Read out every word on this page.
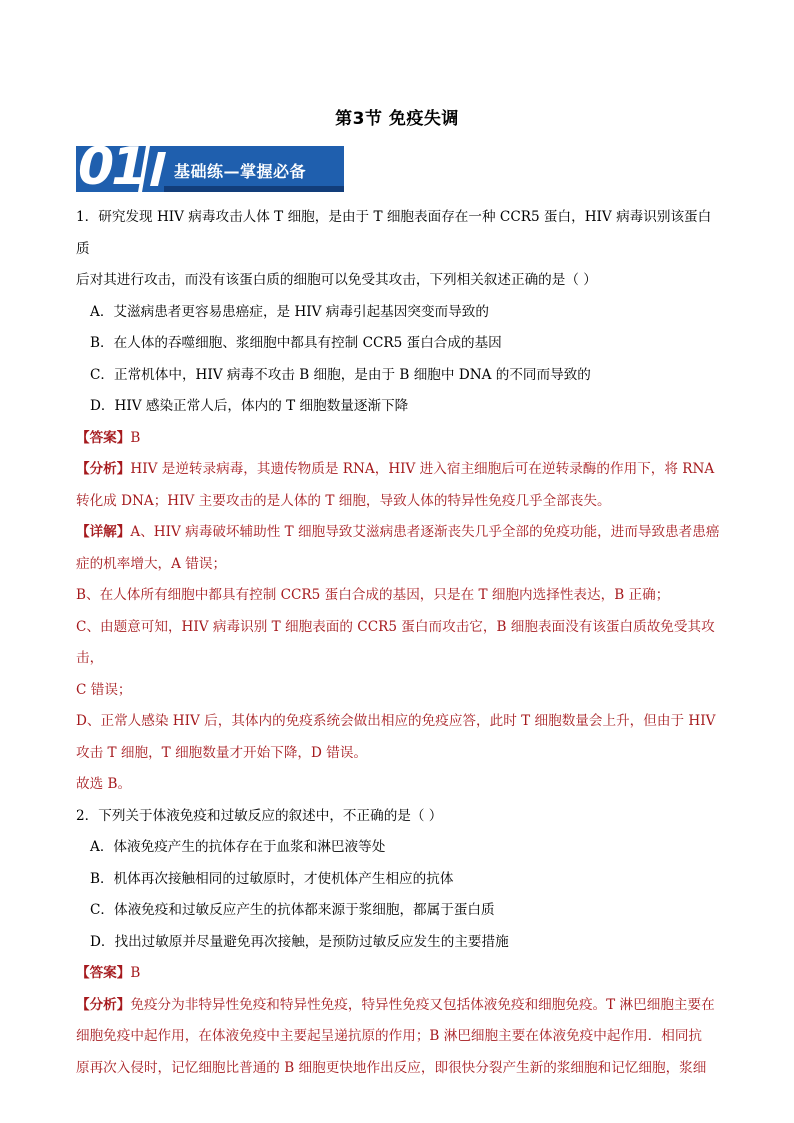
第3节 免疫失调
01	基础练—掌握必备

1．研究发现 HIV 病毒攻击人体 T 细胞，是由于 T 细胞表面存在一种 CCR5 蛋白，HIV 病毒识别该蛋白质

后对其进行攻击，而没有该蛋白质的细胞可以免受其攻击，下列相关叙述正确的是（ ）

A．艾滋病患者更容易患癌症，是 HIV 病毒引起基因突变而导致的

B．在人体的吞噬细胞、浆细胞中都具有控制 CCR5 蛋白合成的基因

C．正常机体中，HIV 病毒不攻击 B 细胞，是由于 B 细胞中 DNA 的不同而导致的

D．HIV 感染正常人后，体内的 T 细胞数量逐渐下降

【答案】B

【分析】HIV 是逆转录病毒，其遗传物质是 RNA，HIV 进入宿主细胞后可在逆转录酶的作用下，将 RNA

转化成 DNA；HIV 主要攻击的是人体的 T 细胞，导致人体的特异性免疫几乎全部丧失。

【详解】A、HIV 病毒破坏辅助性 T 细胞导致艾滋病患者逐渐丧失几乎全部的免疫功能，进而导致患者患癌

症的机率增大，A 错误；

B、在人体所有细胞中都具有控制 CCR5 蛋白合成的基因，只是在 T 细胞内选择性表达，B 正确；

C、由题意可知，HIV 病毒识别 T 细胞表面的 CCR5 蛋白而攻击它，B 细胞表面没有该蛋白质故免受其攻击，

C 错误；

D、正常人感染 HIV 后，其体内的免疫系统会做出相应的免疫应答，此时 T 细胞数量会上升，但由于 HIV

攻击 T 细胞，T 细胞数量才开始下降，D 错误。

故选 B。

2．下列关于体液免疫和过敏反应的叙述中，不正确的是（ ）

A．体液免疫产生的抗体存在于血浆和淋巴液等处

B．机体再次接触相同的过敏原时，才使机体产生相应的抗体

C．体液免疫和过敏反应产生的抗体都来源于浆细胞，都属于蛋白质

D．找出过敏原并尽量避免再次接触，是预防过敏反应发生的主要措施

【答案】B

【分析】免疫分为非特异性免疫和特异性免疫，特异性免疫又包括体液免疫和细胞免疫。T 淋巴细胞主要在

细胞免疫中起作用，在体液免疫中主要起呈递抗原的作用；B 淋巴细胞主要在体液免疫中起作用．相同抗

原再次入侵时，记忆细胞比普通的 B 细胞更快地作出反应，即很快分裂产生新的浆细胞和记忆细胞，浆细
